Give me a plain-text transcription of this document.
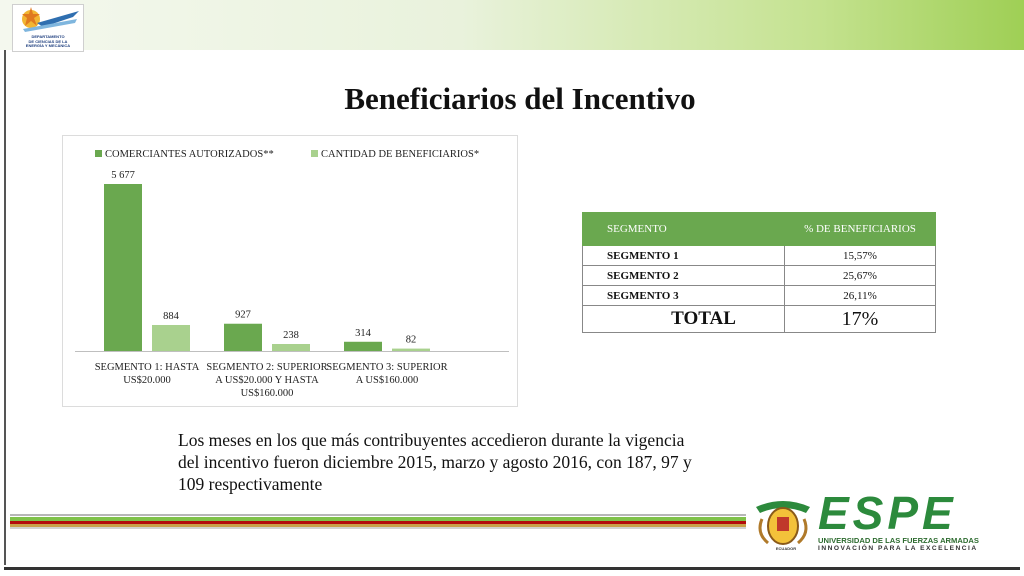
DEPARTAMENTO
DE CIENCIAS DE LA
ENERGÍA Y MECÁNICA
Beneficiarios del Incentivo
COMERCIANTES AUTORIZADOS**	CANTIDAD DE BENEFICIARIOS*
5 677
884
SEGMENTO 1: HASTA
US$20.000
927
238
SEGMENTO 2: SUPERIOR
A US$20.000 Y HASTA
US$160.000
314
82
SEGMENTO 3: SUPERIOR
A US$160.000
SEGMENTO	% DE BENEFICIARIOS
SEGMENTO 1	15,57%
SEGMENTO 2	25,67%
SEGMENTO 3	26,11%
TOTAL	17%
Los meses en los que más contribuyentes accedieron durante la vigencia del incentivo fueron diciembre 2015, marzo y agosto 2016, con 187, 97 y 109 respectivamente
ECUADOR
ESPE
UNIVERSIDAD DE LAS FUERZAS ARMADAS
INNOVACIÓN PARA LA EXCELENCIA
